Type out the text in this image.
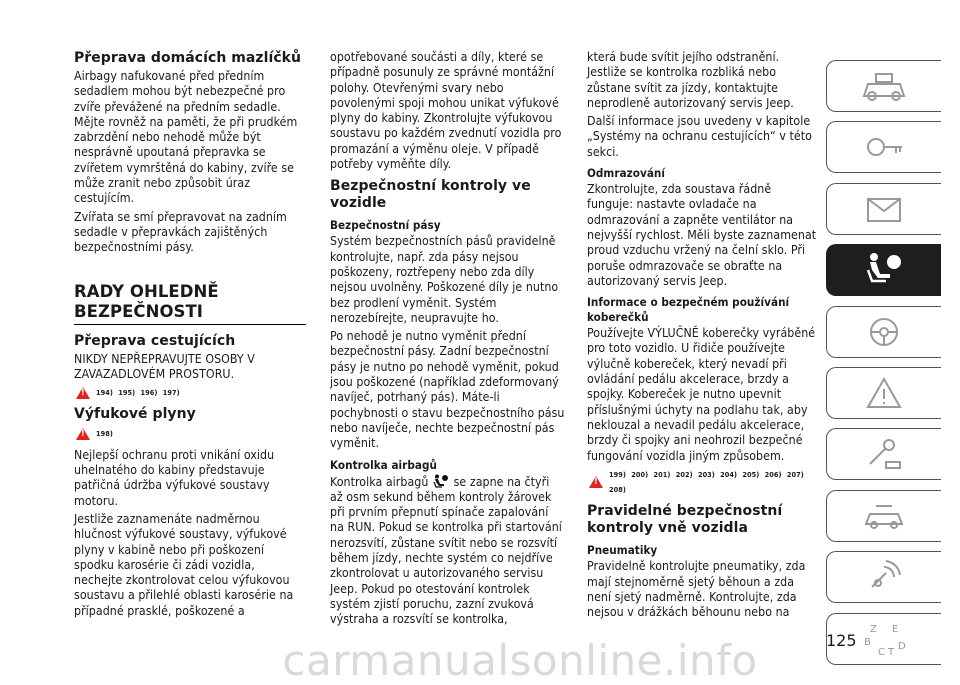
Přeprava domácích mazlíčků

Airbagy nafukované před předním sedadlem mohou být nebezpečné pro zvíře převážené na předním sedadle. Mějte rovněž na paměti, že při prudkém zabrzdění nebo nehodě může být nesprávně upoutaná přepravka se zvířetem vymrštěná do kabiny, zvíře se může zranit nebo způsobit úraz cestujícím.

Zvířata se smí přepravovat na zadním sedadle v přepravkách zajištěných bezpečnostními pásy.

RADY OHLEDNĚ BEZPEČNOSTI
Přeprava cestujících

NIKDY NEPŘEPRAVUJTE OSOBY V ZAVAZADLOVÉM PROSTORU.

!
194) 195) 196) 197)
Výfukové plyny
!
198)

Nejlepší ochranu proti vnikání oxidu uhelnatého do kabiny představuje patřičná údržba výfukové soustavy motoru.

Jestliže zaznamenáte nadměrnou hlučnost výfukové soustavy, výfukové plyny v kabině nebo při poškození spodku karosérie či zádi vozidla, nechejte zkontrolovat celou výfukovou soustavu a přilehlé oblasti karosérie na případné prasklé, poškozené a

opotřebované součásti a díly, které se případně posunuly ze správné montážní polohy. Otevřenými svary nebo povolenými spoji mohou unikat výfukové plyny do kabiny. Zkontrolujte výfukovou soustavu po každém zvednutí vozidla pro promazání a výměnu oleje. V případě potřeby vyměňte díly.

Bezpečnostní kontroly ve vozidle
Bezpečnostní pásy

Systém bezpečnostních pásů pravidelně kontrolujte, např. zda pásy nejsou poškozeny, roztřepeny nebo zda díly nejsou uvolněny. Poškozené díly je nutno bez prodlení vyměnit. Systém nerozebírejte, neupravujte ho.

Po nehodě je nutno vyměnit přední bezpečnostní pásy. Zadní bezpečnostní pásy je nutno po nehodě vyměnit, pokud jsou poškozené (například zdeformovaný navíječ, potrhaný pás). Máte-li pochybnosti o stavu bezpečnostního pásu nebo navíječe, nechte bezpečnostní pás vyměnit.

Kontrolka airbagů

Kontrolka airbagů se zapne na čtyři až osm sekund během kontroly žárovek při prvním přepnutí spínače zapalování na RUN. Pokud se kontrolka při startování nerozsvítí, zůstane svítit nebo se rozsvítí během jízdy, nechte systém co nejdříve zkontrolovat u autorizovaného servisu Jeep. Pokud po otestování kontrolek systém zjistí poruchu, zazní zvuková výstraha a rozsvítí se kontrolka,

která bude svítit jejího odstranění. Jestliže se kontrolka rozbliká nebo zůstane svítit za jízdy, kontaktujte neprodleně autorizovaný servis Jeep.

Další informace jsou uvedeny v kapitole „Systémy na ochranu cestujících“ v této sekci.

Odmrazování

Zkontrolujte, zda soustava řádně funguje: nastavte ovladače na odmrazování a zapněte ventilátor na nejvyšší rychlost. Měli byste zaznamenat proud vzduchu vržený na čelní sklo. Při poruše odmrazovače se obraťte na autorizovaný servis Jeep.

Informace o bezpečném používání koberečků

Používejte VÝLUČNĚ koberečky vyráběné pro toto vozidlo. U řidiče používejte výlučně kobereček, který nevadí při ovládání pedálu akcelerace, brzdy a spojky. Kobereček je nutno upevnit příslušnými úchyty na podlahu tak, aby neklouzal a nevadil pedálu akcelerace, brzdy či spojky ani neohrozil bezpečné fungování vozidla jiným způsobem.

!
199) 200) 201) 202) 203) 204) 205) 206) 207) 208)
Pravidelné bezpečnostní kontroly vně vozidla
Pneumatiky

Pravidelně kontrolujte pneumatiky, zda mají stejnoměrně sjetý běhoun a zda není sjetý nadměrně. Kontrolujte, zda nejsou v drážkách běhounu nebo na

Z E
B
C
D
T
125
carmanualsonline.info
